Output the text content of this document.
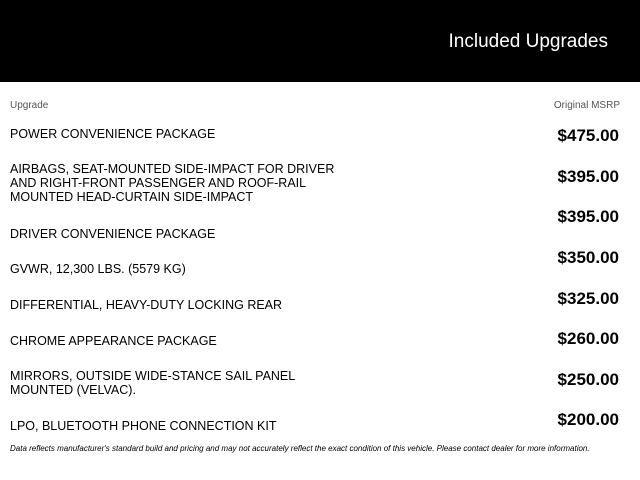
Included Upgrades
Upgrade	Original MSRP
POWER CONVENIENCE PACKAGE
AIRBAGS, SEAT-MOUNTED SIDE-IMPACT FOR DRIVER AND RIGHT-FRONT PASSENGER AND ROOF-RAIL MOUNTED HEAD-CURTAIN SIDE-IMPACT
DRIVER CONVENIENCE PACKAGE
GVWR, 12,300 LBS. (5579 KG)
DIFFERENTIAL, HEAVY-DUTY LOCKING REAR
CHROME APPEARANCE PACKAGE
MIRRORS, OUTSIDE WIDE-STANCE SAIL PANEL MOUNTED (VELVAC).
LPO, BLUETOOTH PHONE CONNECTION KIT
$475.00
$395.00
$395.00
$350.00
$325.00
$260.00
$250.00
$200.00
Data reflects manufacturer's standard build and pricing and may not accurately reflect the exact condition of this vehicle. Please contact dealer for more information.
